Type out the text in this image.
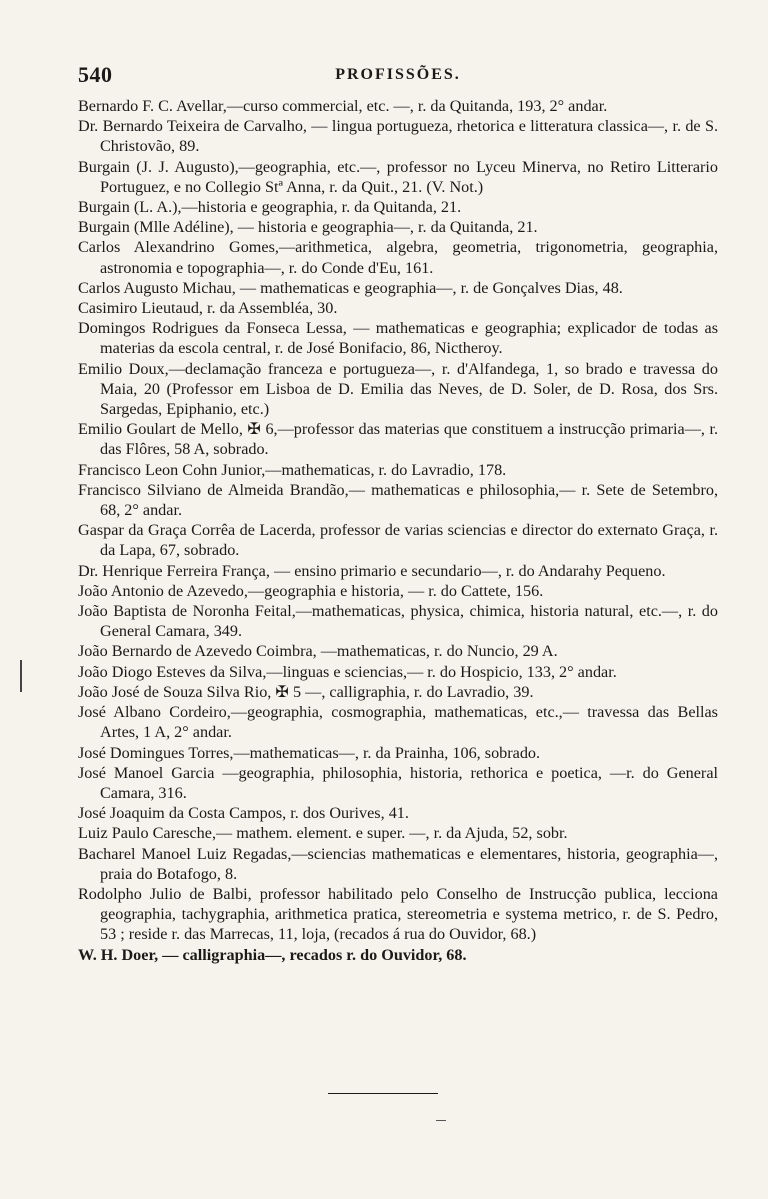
540	PROFISSÕES.

Bernardo F. C. Avellar,—curso commercial, etc. —, r. da Quitanda, 193, 2° andar.

Dr. Bernardo Teixeira de Carvalho, — lingua portugueza, rhetorica e litteratura classica—, r. de S. Christovão, 89.

Burgain (J. J. Augusto),—geographia, etc.—, professor no Lyceu Minerva, no Retiro Litterario Portuguez, e no Collegio Stª Anna, r. da Quit., 21. (V. Not.)

Burgain (L. A.),—historia e geographia, r. da Quitanda, 21.

Burgain (Mlle Adéline), — historia e geographia—, r. da Quitanda, 21.

Carlos Alexandrino Gomes,—arithmetica, algebra, geometria, trigonometria, geographia, astronomia e topographia—, r. do Conde d'Eu, 161.

Carlos Augusto Michau, — mathematicas e geographia—, r. de Gonçalves Dias, 48.

Casimiro Lieutaud, r. da Assembléa, 30.

Domingos Rodrigues da Fonseca Lessa, — mathematicas e geographia; explicador de todas as materias da escola central, r. de José Bonifacio, 86, Nictheroy.

Emilio Doux,—declamação franceza e portugueza—, r. d'Alfandega, 1, so brado e travessa do Maia, 20 (Professor em Lisboa de D. Emilia das Neves, de D. Soler, de D. Rosa, dos Srs. Sargedas, Epiphanio, etc.)

Emilio Goulart de Mello, ✠ 6,—professor das materias que constituem a instrucção primaria—, r. das Flôres, 58 A, sobrado.

Francisco Leon Cohn Junior,—mathematicas, r. do Lavradio, 178.

Francisco Silviano de Almeida Brandão,— mathematicas e philosophia,— r. Sete de Setembro, 68, 2° andar.

Gaspar da Graça Corrêa de Lacerda, professor de varias sciencias e director do externato Graça, r. da Lapa, 67, sobrado.

Dr. Henrique Ferreira França, — ensino primario e secundario—, r. do Andarahy Pequeno.

João Antonio de Azevedo,—geographia e historia, — r. do Cattete, 156.

João Baptista de Noronha Feital,—mathematicas, physica, chimica, historia natural, etc.—, r. do General Camara, 349.

João Bernardo de Azevedo Coimbra, —mathematicas, r. do Nuncio, 29 A.

João Diogo Esteves da Silva,—linguas e sciencias,— r. do Hospicio, 133, 2° andar.

João José de Souza Silva Rio, ✠ 5 —, calligraphia, r. do Lavradio, 39.

José Albano Cordeiro,—geographia, cosmographia, mathematicas, etc.,— travessa das Bellas Artes, 1 A, 2° andar.

José Domingues Torres,—mathematicas—, r. da Prainha, 106, sobrado.

José Manoel Garcia —geographia, philosophia, historia, rethorica e poetica, —r. do General Camara, 316.

José Joaquim da Costa Campos, r. dos Ourives, 41.

Luiz Paulo Caresche,— mathem. element. e super. —, r. da Ajuda, 52, sobr.

Bacharel Manoel Luiz Regadas,—sciencias mathematicas e elementares, historia, geographia—, praia do Botafogo, 8.

Rodolpho Julio de Balbi, professor habilitado pelo Conselho de Instrucção publica, lecciona geographia, tachygraphia, arithmetica pratica, stereometria e systema metrico, r. de S. Pedro, 53 ; reside r. das Marrecas, 11, loja, (recados á rua do Ouvidor, 68.)

W. H. Doer, — calligraphia—, recados r. do Ouvidor, 68.
